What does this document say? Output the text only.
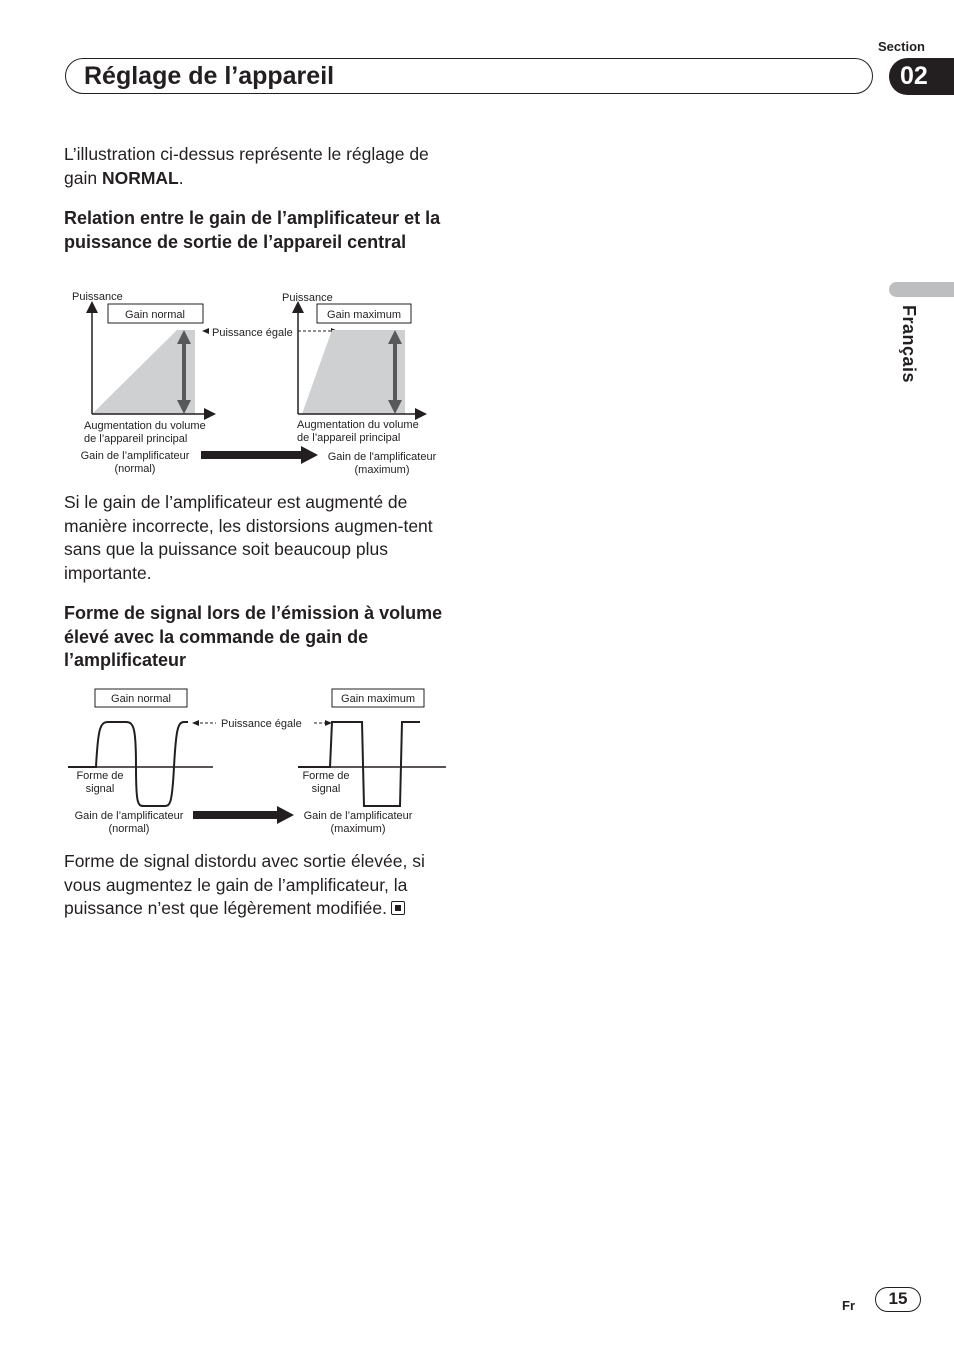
Section
Réglage de l’appareil	02
Français

L’illustration ci-dessus représente le réglage de gain NORMAL.

Relation entre le gain de l’amplificateur et la puissance de sortie de l’appareil central

Puissance
Gain normal
Augmentation du volume
de l’appareil principal
Puissance égale
Puissance
Gain maximum
Augmentation du volume
de l’appareil principal
Gain de l’amplificateur
(normal)
Gain de l'amplificateur
(maximum)

Si le gain de l’amplificateur est augmenté de manière incorrecte, les distorsions augmen-tent sans que la puissance soit beaucoup plus importante.

Forme de signal lors de l’émission à volume élevé avec la commande de gain de l’amplificateur

Gain normal	Gain maximum
Puissance égale
Forme de
signal
Forme de
signal
Gain de l’amplificateur
(normal)
Gain de l’amplificateur
(maximum)

Forme de signal distordu avec sortie élevée, si vous augmentez le gain de l’amplificateur, la puissance n’est que légèrement modifiée.

Fr	15
